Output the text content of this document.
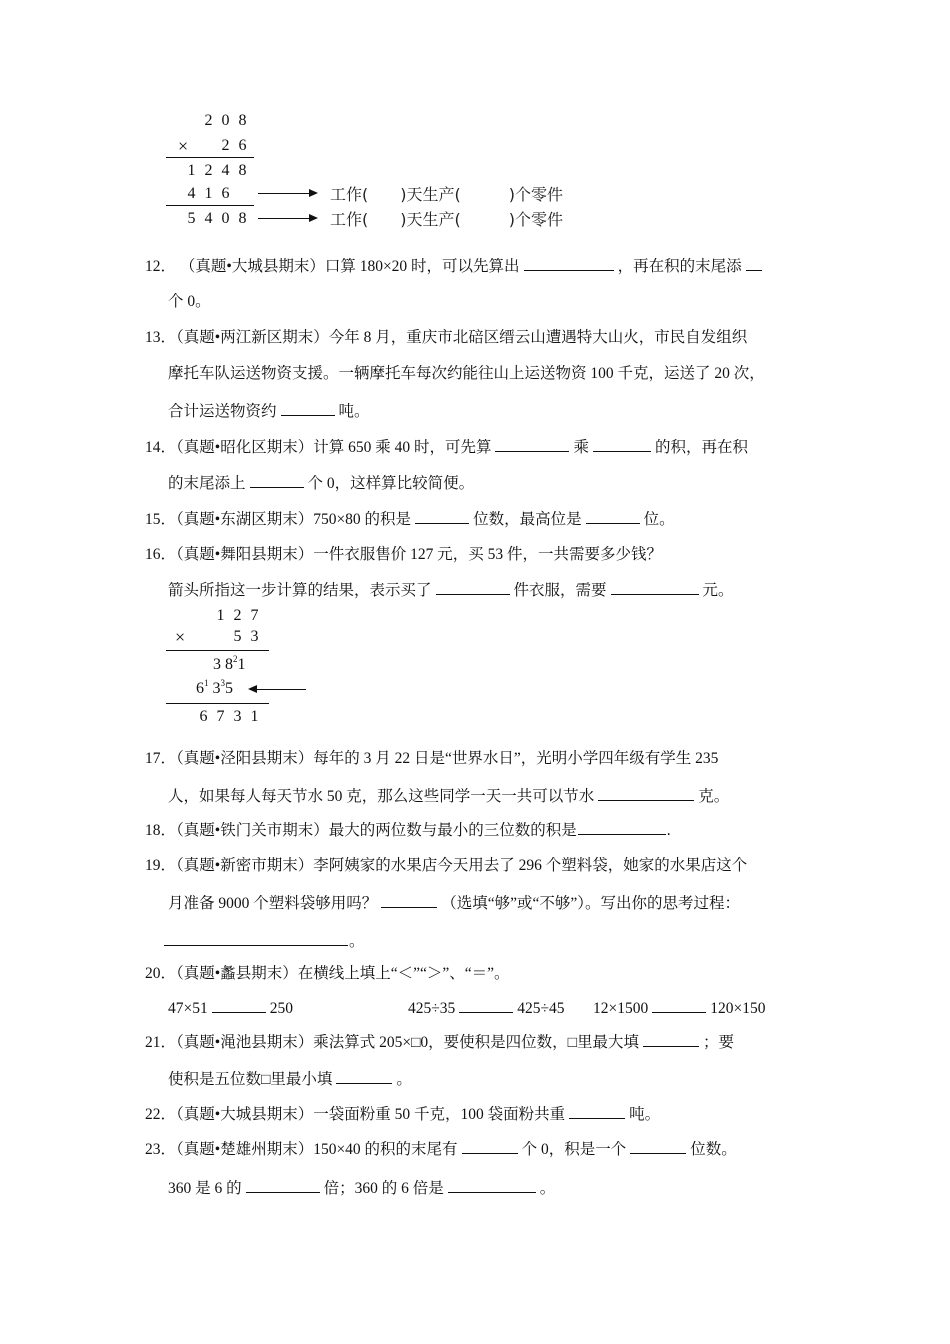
2 0 8
× 2 6
1 2 4 8
4 1 6	工作(　　)天生产(　　　)个零件
5 4 0 8	工作(　　)天生产(　　　)个零件
12． （真题•大城县期末）口算 180×20 时，可以先算出	，再在积的末尾添
个 0。
13．（真题•两江新区期末）今年 8 月，重庆市北碚区缙云山遭遇特大山火，市民自发组织
摩托车队运送物资支援。一辆摩托车每次约能往山上运送物资 100 千克，运送了 20 次，
合计运送物资约	吨。
14．（真题•昭化区期末）计算 650 乘 40 时，可先算	乘	的积，再在积
的末尾添上	个 0，这样算比较简便。
15．（真题•东湖区期末）750×80 的积是	位数，最高位是	位。
16．（真题•舞阳县期末）一件衣服售价 127 元，买 53 件，一共需要多少钱？
箭头所指这一步计算的结果，表示买了	件衣服，需要	元。
1 2 7
×	5 3
3 $8^21$
$6^1$ $3^35$
6 7 3 1
17．（真题•泾阳县期末）每年的 3 月 22 日是“世界水日”，光明小学四年级有学生 235
人，如果每人每天节水 50 克，那么这些同学一天一共可以节水	克。
18．（真题•铁门关市期末）最大的两位数与最小的三位数的积是	.
19．（真题•新密市期末）李阿姨家的水果店今天用去了 296 个塑料袋，她家的水果店这个
月准备 9000 个塑料袋够用吗？	（选填“够”或“不够”）。写出你的思考过程：
。
20．（真题•蠡县期末）在横线上填上“＜”“＞”、“＝”。
47×51	250	425÷35	425÷45 12×1500	120×150
21．（真题•渑池县期末）乘法算式 205×□0，要使积是四位数，□里最大填	；要
使积是五位数□里最小填	。
22．（真题•大城县期末）一袋面粉重 50 千克，100 袋面粉共重	吨。
23．（真题•楚雄州期末）150×40 的积的末尾有	个 0，积是一个	位数。
360 是 6 的	倍；360 的 6 倍是	。
